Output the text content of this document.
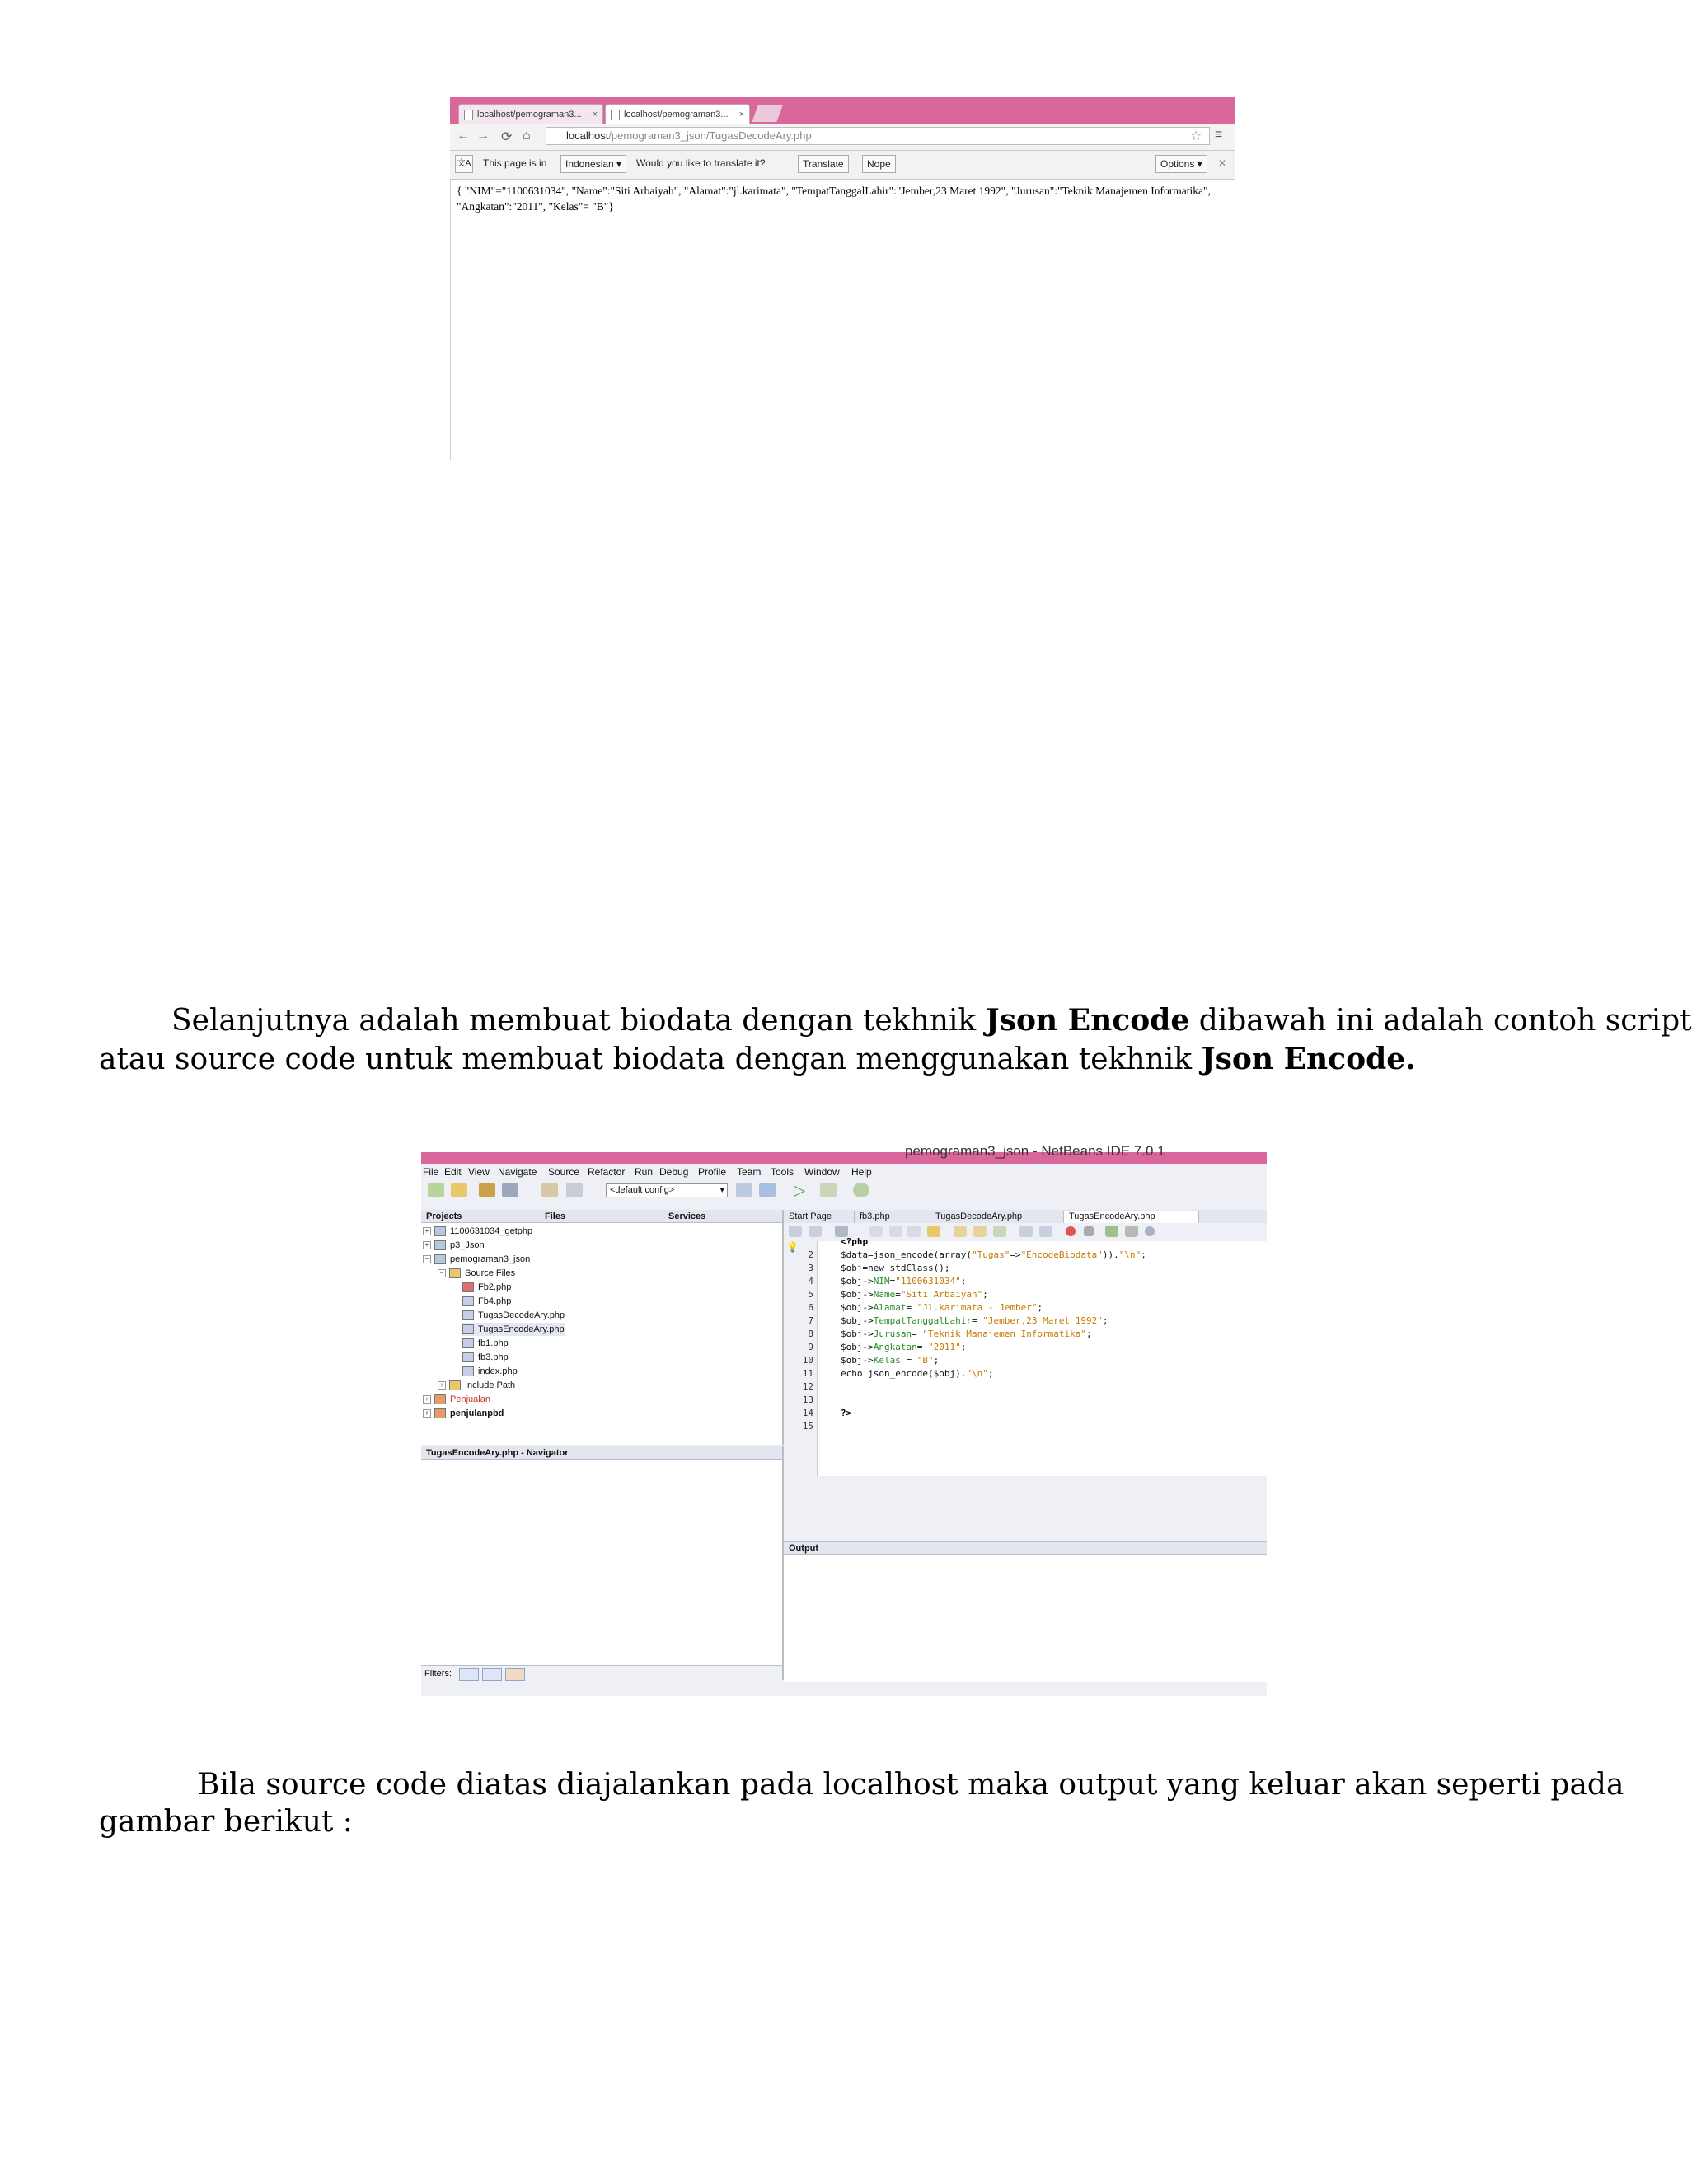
localhost/pemograman3... ×	localhost/pemograman3... ×
← → ⟳ ⌂	localhost/pemograman3_json/TugasDecodeAry.php	☆ ≡
文A This page is in	Indonesian ▾	Would you like to translate it?	Translate	Nope	Options ▾	✕
{ "NIM"="1100631034", "Name":"Siti Arbaiyah", "Alamat":"jl.karimata", "TempatTanggalLahir":"Jember,23 Maret 1992", "Jurusan":"Teknik Manajemen Informatika",
"Angkatan":"2011", "Kelas"= "B"}
Selanjutnya adalah membuat biodata dengan tekhnik Json Encode dibawah ini adalah contoh script
atau source code untuk membuat biodata dengan menggunakan tekhnik Json Encode.
pemograman3_json - NetBeans IDE 7.0.1
File Edit View Navigate Source Refactor Run Debug Profile Team Tools Window Help
<default config>	▾	▷
Projects	Files	Services
+ 1100631034_getphp
+ p3_Json
− pemograman3_json
− Source Files
Fb2.php
Fb4.php
TugasDecodeAry.php
TugasEncodeAry.php
fb1.php
fb3.php
index.php
+ Include Path
+ Penjualan
+ penjulanpbd
TugasEncodeAry.php - Navigator
Filters:
Start Page	fb3.php	TugasDecodeAry.php	TugasEncodeAry.php
💡
2
3
4
5
6
7
8
9
10
11
12
13
14
15
<?php
$data=json_encode(array("Tugas"=>"EncodeBiodata"))."\n";
$obj=new stdClass();
$obj->NIM="1100631034";
$obj->Name="Siti Arbaiyah";
$obj->Alamat= "Jl.karimata - Jember";
$obj->TempatTanggalLahir= "Jember,23 Maret 1992";
$obj->Jurusan= "Teknik Manajemen Informatika";
$obj->Angkatan= "2011";
$obj->Kelas = "B";
echo json_encode($obj)."\n";
?>
Output
Bila source code diatas diajalankan pada localhost maka output yang keluar akan seperti pada
gambar berikut :
